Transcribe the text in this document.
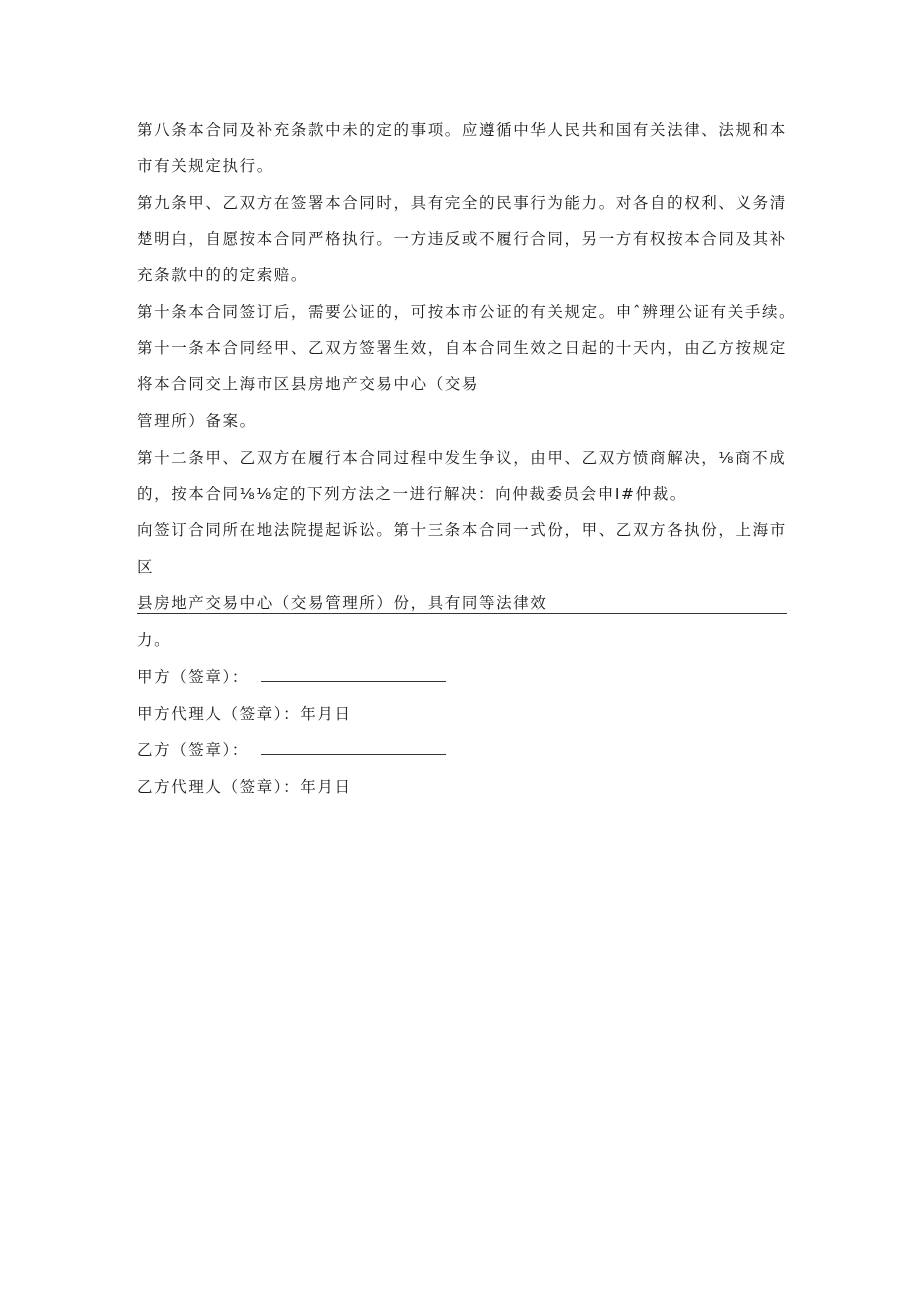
第八条本合同及补充条款中未的定的事项。应遵循中华人民共和国有关法律、法规和本
市有关规定执行。
第九条甲、乙双方在签署本合同时，具有完全的民事行为能力。对各自的权利、义务清
楚明白，自愿按本合同严格执行。一方违反或不履行合同，另一方有权按本合同及其补
充条款中的的定索赔。
第十条本合同签订后，需要公证的，可按本市公证的有关规定。申ˆ辨理公证有关手续。
第十一条本合同经甲、乙双方签署生效，自本合同生效之日起的十天内，由乙方按规定
将本合同交上海市区县房地产交易中心（交易
管理所）备案。
第十二条甲、乙双方在履行本合同过程中发生争议，由甲、乙双方愤商解决，⅛商不成
的，按本合同⅛⅛定的下列方法之一进行解决：向仲裁委员会申Ι#仲裁。
向签订合同所在地法院提起诉讼。第十三条本合同一式份，甲、乙双方各执份，上海市
区
县房地产交易中心（交易管理所）份，具有同等法律效
力。
甲方（签章）：
甲方代理人（签章）：年月日
乙方（签章）：
乙方代理人（签章）：年月日
